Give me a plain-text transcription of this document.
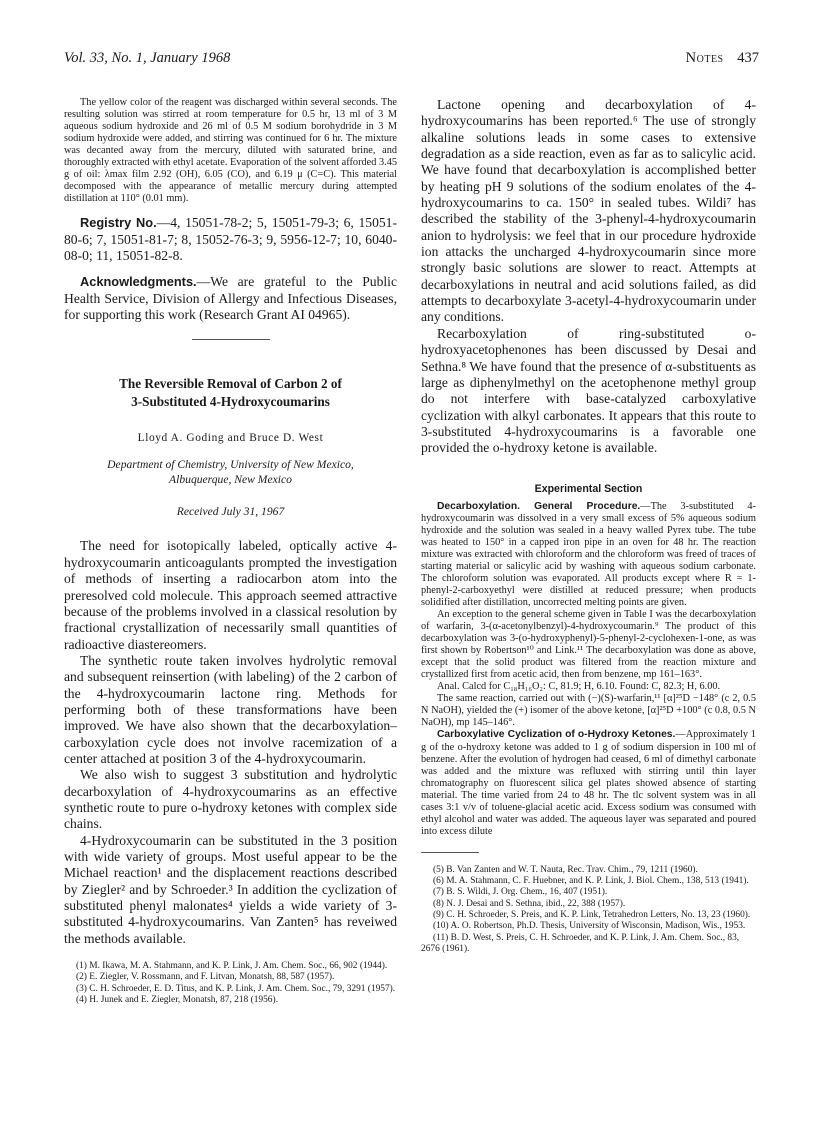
Vol. 33, No. 1, January 1968	Notes 437

The yellow color of the reagent was discharged within several seconds. The resulting solution was stirred at room temperature for 0.5 hr, 13 ml of 3 M aqueous sodium hydroxide and 26 ml of 0.5 M sodium borohydride in 3 M sodium hydroxide were added, and stirring was continued for 6 hr. The mixture was decanted away from the mercury, diluted with saturated brine, and thoroughly extracted with ethyl acetate. Evaporation of the solvent afforded 3.45 g of oil: λmax film 2.92 (OH), 6.05 (CO), and 6.19 μ (C=C). This material decomposed with the appearance of metallic mercury during attempted distillation at 110° (0.01 mm).

Registry No.—4, 15051-78-2; 5, 15051-79-3; 6, 15051-80-6; 7, 15051-81-7; 8, 15052-76-3; 9, 5956-12-7; 10, 6040-08-0; 11, 15051-82-8.

Acknowledgments.—We are grateful to the Public Health Service, Division of Allergy and Infectious Diseases, for supporting this work (Research Grant AI 04965).

The Reversible Removal of Carbon 2 of
3-Substituted 4-Hydroxycoumarins
Lloyd A. Goding and Bruce D. West
Department of Chemistry, University of New Mexico,
Albuquerque, New Mexico
Received July 31, 1967

The need for isotopically labeled, optically active 4-hydroxycoumarin anticoagulants prompted the investigation of methods of inserting a radiocarbon atom into the preresolved cold molecule. This approach seemed attractive because of the problems involved in a classical resolution by fractional crystallization of necessarily small quantities of radioactive diastereomers.

The synthetic route taken involves hydrolytic removal and subsequent reinsertion (with labeling) of the 2 carbon of the 4-hydroxycoumarin lactone ring. Methods for performing both of these transformations have been improved. We have also shown that the decarboxylation–carboxylation cycle does not involve racemization of a center attached at position 3 of the 4-hydroxycoumarin.

We also wish to suggest 3 substitution and hydrolytic decarboxylation of 4-hydroxycoumarins as an effective synthetic route to pure o-hydroxy ketones with complex side chains.

4-Hydroxycoumarin can be substituted in the 3 position with wide variety of groups. Most useful appear to be the Michael reaction¹ and the displacement reactions described by Ziegler² and by Schroeder.³ In addition the cyclization of substituted phenyl malonates⁴ yields a wide variety of 3-substituted 4-hydroxycoumarins. Van Zanten⁵ has reveiwed the methods available.

(1) M. Ikawa, M. A. Stahmann, and K. P. Link, J. Am. Chem. Soc., 66, 902 (1944).

(2) E. Ziegler, V. Rossmann, and F. Litvan, Monatsh, 88, 587 (1957).

(3) C. H. Schroeder, E. D. Titus, and K. P. Link, J. Am. Chem. Soc., 79, 3291 (1957).

(4) H. Junek and E. Ziegler, Monatsh, 87, 218 (1956).

Lactone opening and decarboxylation of 4-hydroxycoumarins has been reported.⁶ The use of strongly alkaline solutions leads in some cases to extensive degradation as a side reaction, even as far as to salicylic acid. We have found that decarboxylation is accomplished better by heating pH 9 solutions of the sodium enolates of the 4-hydroxycoumarins to ca. 150° in sealed tubes. Wildi⁷ has described the stability of the 3-phenyl-4-hydroxycoumarin anion to hydrolysis: we feel that in our procedure hydroxide ion attacks the uncharged 4-hydroxycoumarin since more strongly basic solutions are slower to react. Attempts at decarboxylations in neutral and acid solutions failed, as did attempts to decarboxylate 3-acetyl-4-hydroxycoumarin under any conditions.

Recarboxylation of ring-substituted o-hydroxyacetophenones has been discussed by Desai and Sethna.⁸ We have found that the presence of α-substituents as large as diphenylmethyl on the acetophenone methyl group do not interfere with base-catalyzed carboxylative cyclization with alkyl carbonates. It appears that this route to 3-substituted 4-hydroxycoumarins is a favorable one provided the o-hydroxy ketone is available.

Experimental Section

Decarboxylation. General Procedure.—The 3-substituted 4-hydroxycoumarin was dissolved in a very small excess of 5% aqueous sodium hydroxide and the solution was sealed in a heavy walled Pyrex tube. The tube was heated to 150° in a capped iron pipe in an oven for 48 hr. The reaction mixture was extracted with chloroform and the chloroform was freed of traces of starting material or salicylic acid by washing with aqueous sodium carbonate. The chloroform solution was evaporated. All products except where R = 1-phenyl-2-carboxyethyl were distilled at reduced pressure; when products solidified after distillation, uncorrected melting points are given.

An exception to the general scheme given in Table I was the decarboxylation of warfarin, 3-(α-acetonylbenzyl)-4-hydroxycoumarin.⁹ The product of this decarboxylation was 3-(o-hydroxyphenyl)-5-phenyl-2-cyclohexen-1-one, as was first shown by Robertson¹⁰ and Link.¹¹ The decarboxylation was done as above, except that the solid product was filtered from the reaction mixture and crystallized first from acetic acid, then from benzene, mp 161–163°.

Anal. Calcd for C₁₈H₁₆O₂: C, 81.9; H, 6.10. Found: C, 82.3; H, 6.00.

The same reaction, carried out with (−)(S)-warfarin,¹¹ [α]²⁵D −148° (c 2, 0.5 N NaOH), yielded the (+) isomer of the above ketone, [α]²⁵D +100° (c 0.8, 0.5 N NaOH), mp 145–146°.

Carboxylative Cyclization of o-Hydroxy Ketones.—Approximately 1 g of the o-hydroxy ketone was added to 1 g of sodium dispersion in 100 ml of benzene. After the evolution of hydrogen had ceased, 6 ml of dimethyl carbonate was added and the mixture was refluxed with stirring until thin layer chromatography on fluorescent silica gel plates showed absence of starting material. The time varied from 24 to 48 hr. The tlc solvent system was in all cases 3:1 v/v of toluene-glacial acetic acid. Excess sodium was consumed with ethyl alcohol and water was added. The aqueous layer was separated and poured into excess dilute

(5) B. Van Zanten and W. T. Nauta, Rec. Trav. Chim., 79, 1211 (1960).

(6) M. A. Stahmann, C. F. Huebner, and K. P. Link, J. Biol. Chem., 138, 513 (1941).

(7) B. S. Wildi, J. Org. Chem., 16, 407 (1951).

(8) N. J. Desai and S. Sethna, ibid., 22, 388 (1957).

(9) C. H. Schroeder, S. Preis, and K. P. Link, Tetrahedron Letters, No. 13, 23 (1960).

(10) A. O. Robertson, Ph.D. Thesis, University of Wisconsin, Madison, Wis., 1953.

(11) B. D. West, S. Preis, C. H. Schroeder, and K. P. Link, J. Am. Chem. Soc., 83, 2676 (1961).
